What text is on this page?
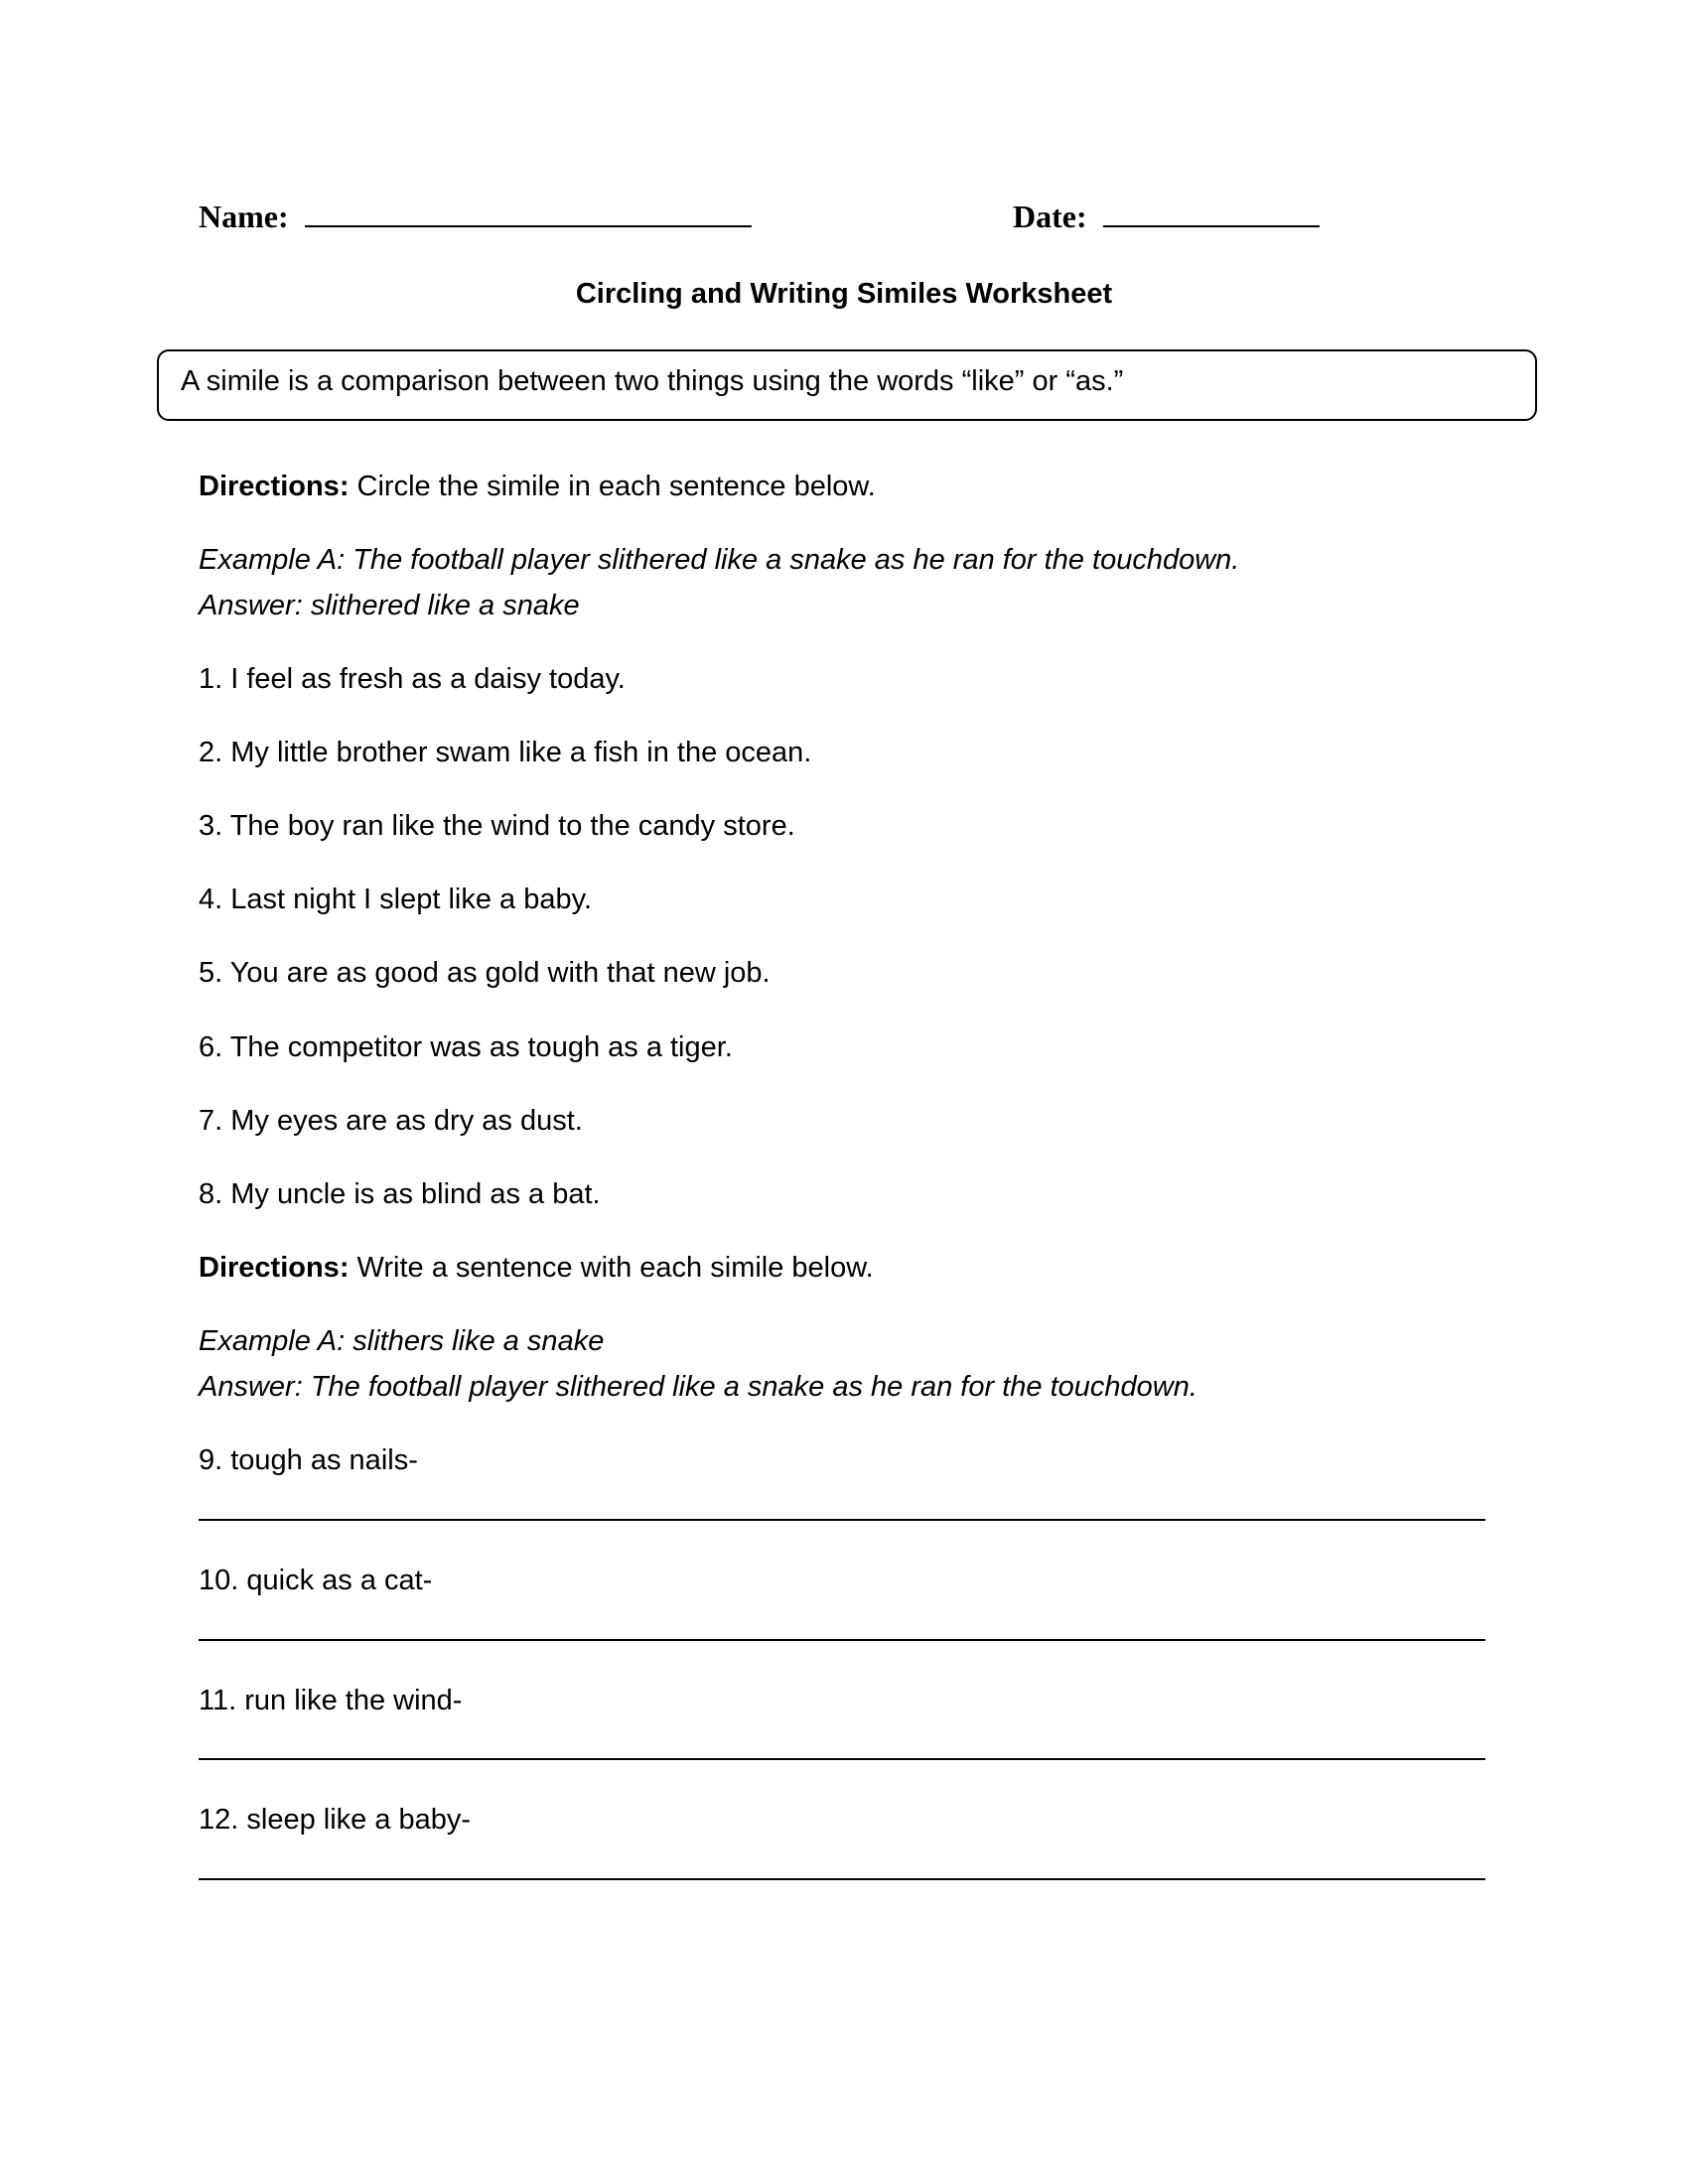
Name:	Date:
Circling and Writing Similes Worksheet
A simile is a comparison between two things using the words “like” or “as.”
Directions: Circle the simile in each sentence below.
Example A: The football player slithered like a snake as he ran for the touchdown.
Answer: slithered like a snake
1. I feel as fresh as a daisy today.
2. My little brother swam like a fish in the ocean.
3. The boy ran like the wind to the candy store.
4. Last night I slept like a baby.
5. You are as good as gold with that new job.
6. The competitor was as tough as a tiger.
7. My eyes are as dry as dust.
8. My uncle is as blind as a bat.
Directions: Write a sentence with each simile below.
Example A: slithers like a snake
Answer: The football player slithered like a snake as he ran for the touchdown.
9. tough as nails-
10. quick as a cat-
11. run like the wind-
12. sleep like a baby-
